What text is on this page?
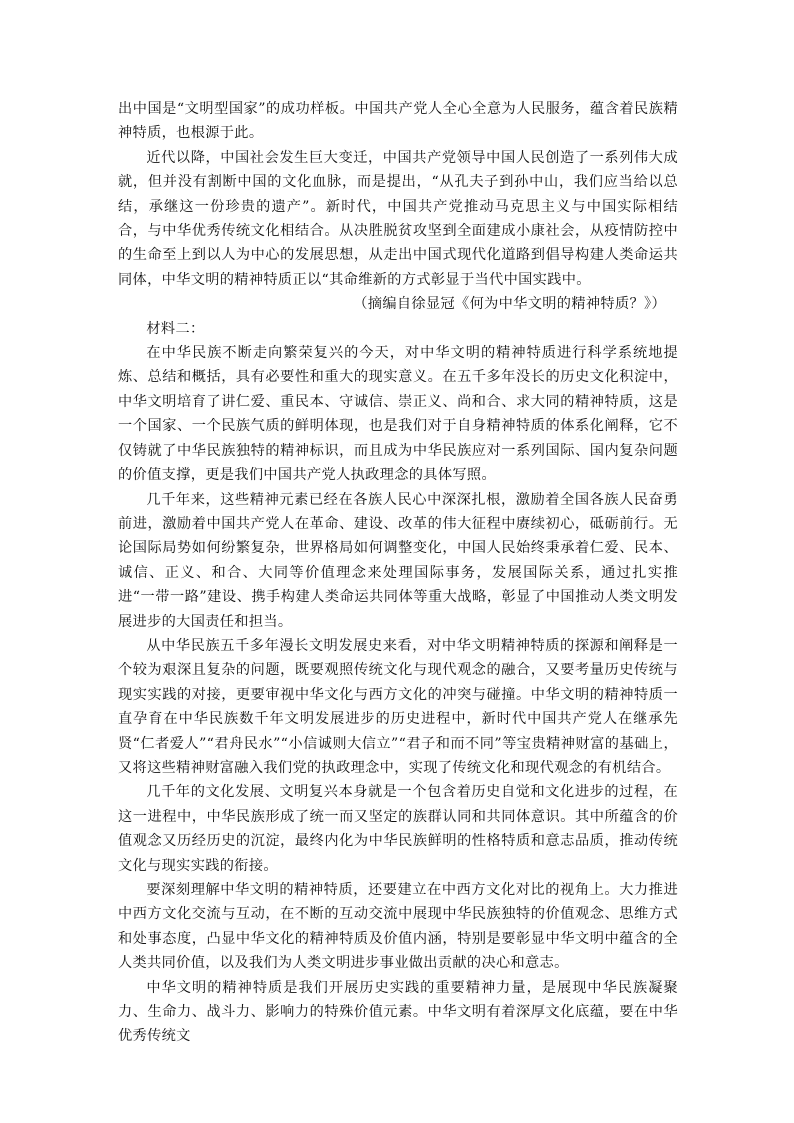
出中国是“文明型国家”的成功样板。中国共产党人全心全意为人民服务，蕴含着民族精神特质，也根源于此。

近代以降，中国社会发生巨大变迁，中国共产党领导中国人民创造了一系列伟大成就，但并没有割断中国的文化血脉，而是提出，“从孔夫子到孙中山，我们应当给以总结，承继这一份珍贵的遗产”。新时代，中国共产党推动马克思主义与中国实际相结合，与中华优秀传统文化相结合。从决胜脱贫攻坚到全面建成小康社会，从疫情防控中的生命至上到以人为中心的发展思想，从走出中国式现代化道路到倡导构建人类命运共同体，中华文明的精神特质正以“其命维新的方式彰显于当代中国实践中。

（摘编自徐显冠《何为中华文明的精神特质？》）

材料二：

在中华民族不断走向繁荣复兴的今天，对中华文明的精神特质进行科学系统地提炼、总结和概括，具有必要性和重大的现实意义。在五千多年没长的历史文化积淀中，中华文明培育了讲仁爱、重民本、守诚信、崇正义、尚和合、求大同的精神特质，这是一个国家、一个民族气质的鲜明体现，也是我们对于自身精神特质的体系化阐释，它不仅铸就了中华民族独特的精神标识，而且成为中华民族应对一系列国际、国内复杂问题的价值支撑，更是我们中国共产党人执政理念的具体写照。

几千年来，这些精神元素已经在各族人民心中深深扎根，激励着全国各族人民奋勇前进，激励着中国共产党人在革命、建设、改革的伟大征程中赓续初心，砥砺前行。无论国际局势如何纷繁复杂，世界格局如何调整变化，中国人民始终秉承着仁爱、民本、诚信、正义、和合、大同等价值理念来处理国际事务，发展国际关系，通过扎实推进“一带一路”建设、携手构建人类命运共同体等重大战略，彰显了中国推动人类文明发展进步的大国责任和担当。

从中华民族五千多年漫长文明发展史来看，对中华文明精神特质的探源和阐释是一个较为艰深且复杂的问题，既要观照传统文化与现代观念的融合，又要考量历史传统与现实实践的对接，更要审视中华文化与西方文化的冲突与碰撞。中华文明的精神特质一直孕育在中华民族数千年文明发展进步的历史进程中，新时代中国共产党人在继承先贤“仁者爱人”“君舟民水”“小信诚则大信立”“君子和而不同”等宝贵精神财富的基础上，又将这些精神财富融入我们党的执政理念中，实现了传统文化和现代观念的有机结合。

几千年的文化发展、文明复兴本身就是一个包含着历史自觉和文化进步的过程，在这一进程中，中华民族形成了统一而又坚定的族群认同和共同体意识。其中所蕴含的价值观念又历经历史的沉淀，最终内化为中华民族鲜明的性格特质和意志品质，推动传统文化与现实实践的衔接。

要深刻理解中华文明的精神特质，还要建立在中西方文化对比的视角上。大力推进中西方文化交流与互动，在不断的互动交流中展现中华民族独特的价值观念、思维方式和处事态度，凸显中华文化的精神特质及价值内涵，特别是要彰显中华文明中蕴含的全人类共同价值，以及我们为人类文明进步事业做出贡献的决心和意志。

中华文明的精神特质是我们开展历史实践的重要精神力量，是展现中华民族凝聚力、生命力、战斗力、影响力的特殊价值元素。中华文明有着深厚文化底蕴，要在中华优秀传统文
